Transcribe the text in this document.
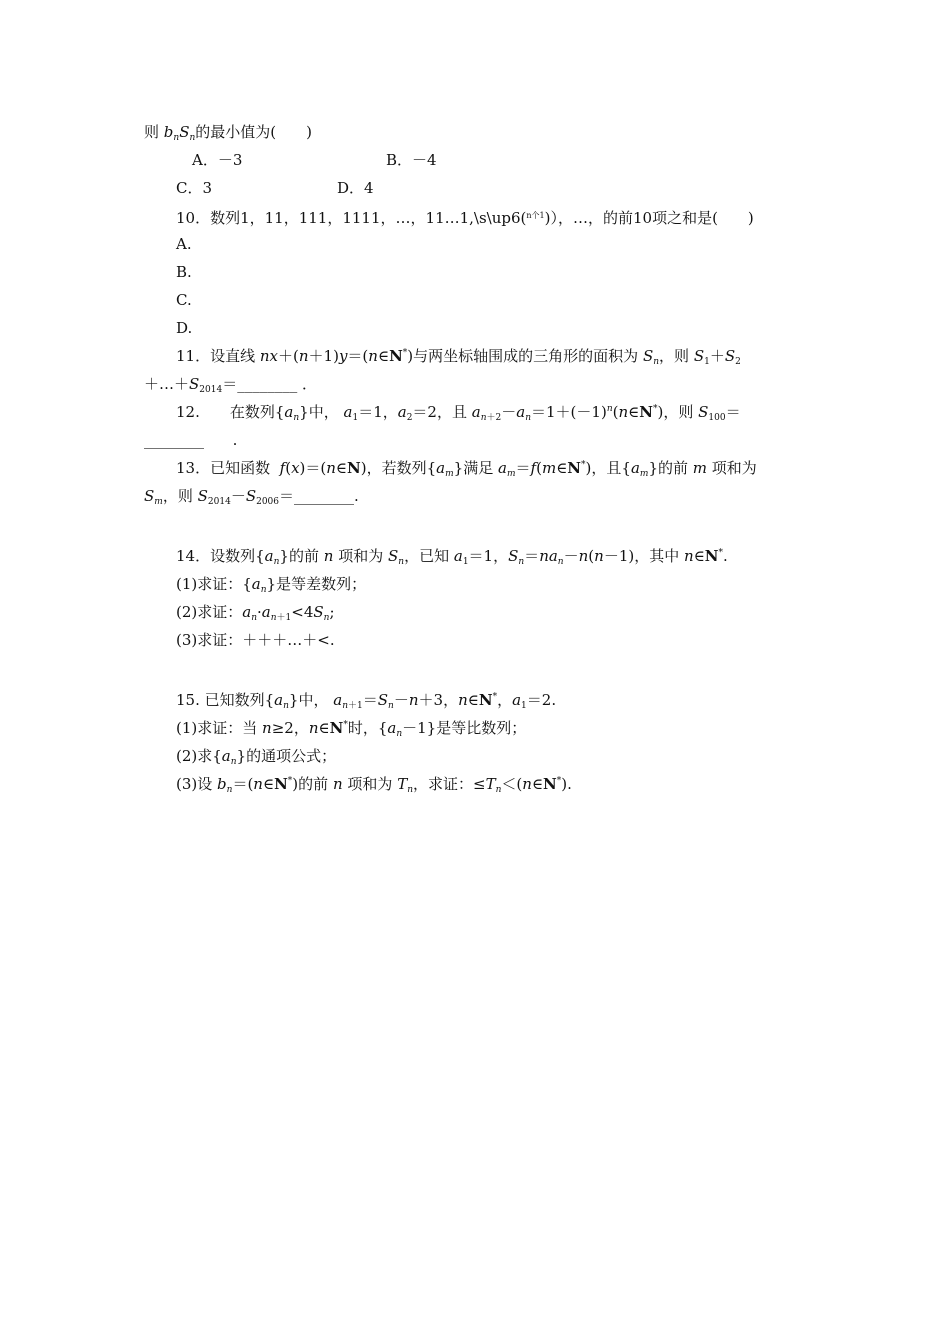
则 $b_nS_n$的最小值为(　　)
A．－3	B．－4
C．3	D．4
10．数列1，11，111，1111，…，11…1,\s\up6($^{n个1}$)），…，的前10项之和是(　　)
A.
B.
C.
D.
11．设直线 nx＋(n＋1)y＝(n∈N*)与两坐标轴围成的三角形的面积为 $S_n$，则 $S_1+S_2$
$+\dots+S_{2014}=\_\_\_\_\_\_\_\_$ ．
12.　　在数列$\{a_n\}$中， $a_1=1$，$a_2=2$，且 $a_{n+2}-a_n=1+(-1)^n(n\in N^*)$，则 $S_{100}=$
________ .
13．已知函数 f(x)＝(n∈N)，若数列$\{a_m\}$满足 $a_m=f(m\in N^*)$，且$\{a_m\}$的前 m 项和为
$S_m$，则 $S_{2014}-S_{2006}=\_\_\_\_\_\_\_\_$.
14．设数列$\{a_n\}$的前 n 项和为 $S_n$，已知 $a_1=1$，$S_n=na_n-n(n-1)$，其中 n∈N*.
(1)求证：$\{a_n\}$是等差数列；
(2)求证：$a_n\cdot a_{n+1}<4S_n$;
(3)求证：＋＋＋…＋<.
15. 已知数列$\{a_n\}$中， $a_{n+1}=S_n-n+3$，n∈N*，$a_1=2$.
(1)求证：当 n≥2，n∈N*时，$\{a_n-1\}$是等比数列；
(2)求$\{a_n\}$的通项公式；
(3)设 $b_n=(n\in N^*)$的前 n 项和为 $T_n$，求证：$\le T_n<(n\in N^*)$.
